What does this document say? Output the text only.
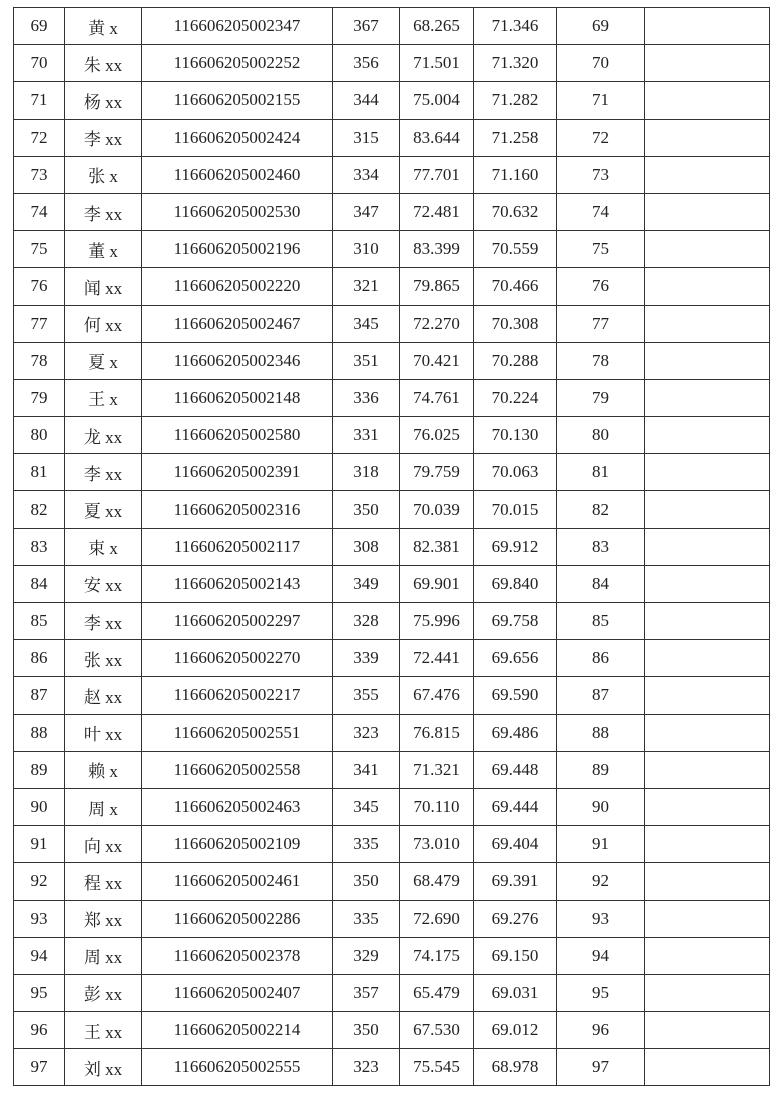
69	黄 x	116606205002347	367	68.265	71.346	69	
70	朱 xx	116606205002252	356	71.501	71.320	70	
71	杨 xx	116606205002155	344	75.004	71.282	71	
72	李 xx	116606205002424	315	83.644	71.258	72	
73	张 x	116606205002460	334	77.701	71.160	73	
74	李 xx	116606205002530	347	72.481	70.632	74	
75	董 x	116606205002196	310	83.399	70.559	75	
76	闻 xx	116606205002220	321	79.865	70.466	76	
77	何 xx	116606205002467	345	72.270	70.308	77	
78	夏 x	116606205002346	351	70.421	70.288	78	
79	王 x	116606205002148	336	74.761	70.224	79	
80	龙 xx	116606205002580	331	76.025	70.130	80	
81	李 xx	116606205002391	318	79.759	70.063	81	
82	夏 xx	116606205002316	350	70.039	70.015	82	
83	束 x	116606205002117	308	82.381	69.912	83	
84	安 xx	116606205002143	349	69.901	69.840	84	
85	李 xx	116606205002297	328	75.996	69.758	85	
86	张 xx	116606205002270	339	72.441	69.656	86	
87	赵 xx	116606205002217	355	67.476	69.590	87	
88	叶 xx	116606205002551	323	76.815	69.486	88	
89	赖 x	116606205002558	341	71.321	69.448	89	
90	周 x	116606205002463	345	70.110	69.444	90	
91	向 xx	116606205002109	335	73.010	69.404	91	
92	程 xx	116606205002461	350	68.479	69.391	92	
93	郑 xx	116606205002286	335	72.690	69.276	93	
94	周 xx	116606205002378	329	74.175	69.150	94	
95	彭 xx	116606205002407	357	65.479	69.031	95	
96	王 xx	116606205002214	350	67.530	69.012	96	
97	刘 xx	116606205002555	323	75.545	68.978	97	
